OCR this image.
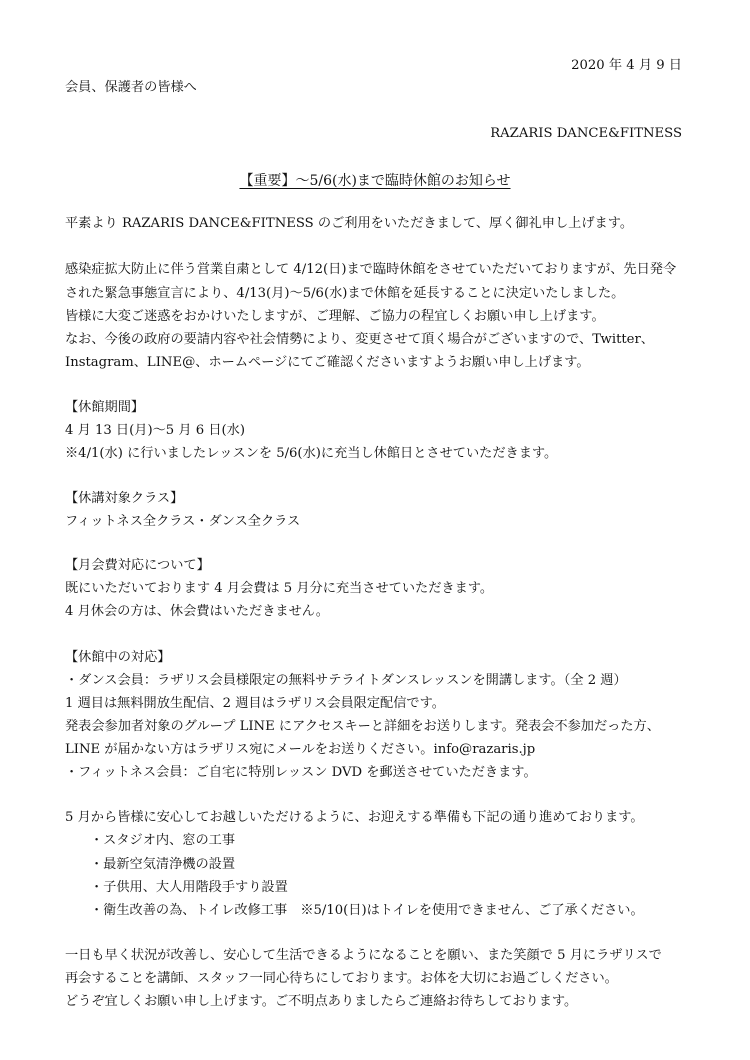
2020 年 4 月 9 日
会員、保護者の皆様へ
RAZARIS DANCE&FITNESS
【重要】～5/6(水)まで臨時休館のお知らせ
平素より RAZARIS DANCE&FITNESS のご利用をいただきまして、厚く御礼申し上げます。
感染症拡大防止に伴う営業自粛として 4/12(日)まで臨時休館をさせていただいておりますが、先日発令
された緊急事態宣言により、4/13(月)～5/6(水)まで休館を延長することに決定いたしました。
皆様に大変ご迷惑をおかけいたしますが、ご理解、ご協力の程宜しくお願い申し上げます。
なお、今後の政府の要請内容や社会情勢により、変更させて頂く場合がございますので、Twitter、
Instagram、LINE@、ホームページにてご確認くださいますようお願い申し上げます。
【休館期間】
4 月 13 日(月)～5 月 6 日(水)
※4/1(水) に行いましたレッスンを 5/6(水)に充当し休館日とさせていただきます。
【休講対象クラス】
フィットネス全クラス・ダンス全クラス
【月会費対応について】
既にいただいております 4 月会費は 5 月分に充当させていただきます。
4 月休会の方は、休会費はいただきません。
【休館中の対応】
・ダンス会員：ラザリス会員様限定の無料サテライトダンスレッスンを開講します。（全 2 週）
1 週目は無料開放生配信、2 週目はラザリス会員限定配信です。
発表会参加者対象のグループ LINE にアクセスキーと詳細をお送りします。発表会不参加だった方、
LINE が届かない方はラザリス宛にメールをお送りください。info@razaris.jp
・フィットネス会員：ご自宅に特別レッスン DVD を郵送させていただきます。
5 月から皆様に安心してお越しいただけるように、お迎えする準備も下記の通り進めております。
・スタジオ内、窓の工事
・最新空気清浄機の設置
・子供用、大人用階段手すり設置
・衛生改善の為、トイレ改修工事　※5/10(日)はトイレを使用できません、ご了承ください。
一日も早く状況が改善し、安心して生活できるようになることを願い、また笑顔で 5 月にラザリスで
再会することを講師、スタッフ一同心待ちにしております。お体を大切にお過ごしください。
どうぞ宜しくお願い申し上げます。ご不明点ありましたらご連絡お待ちしております。
